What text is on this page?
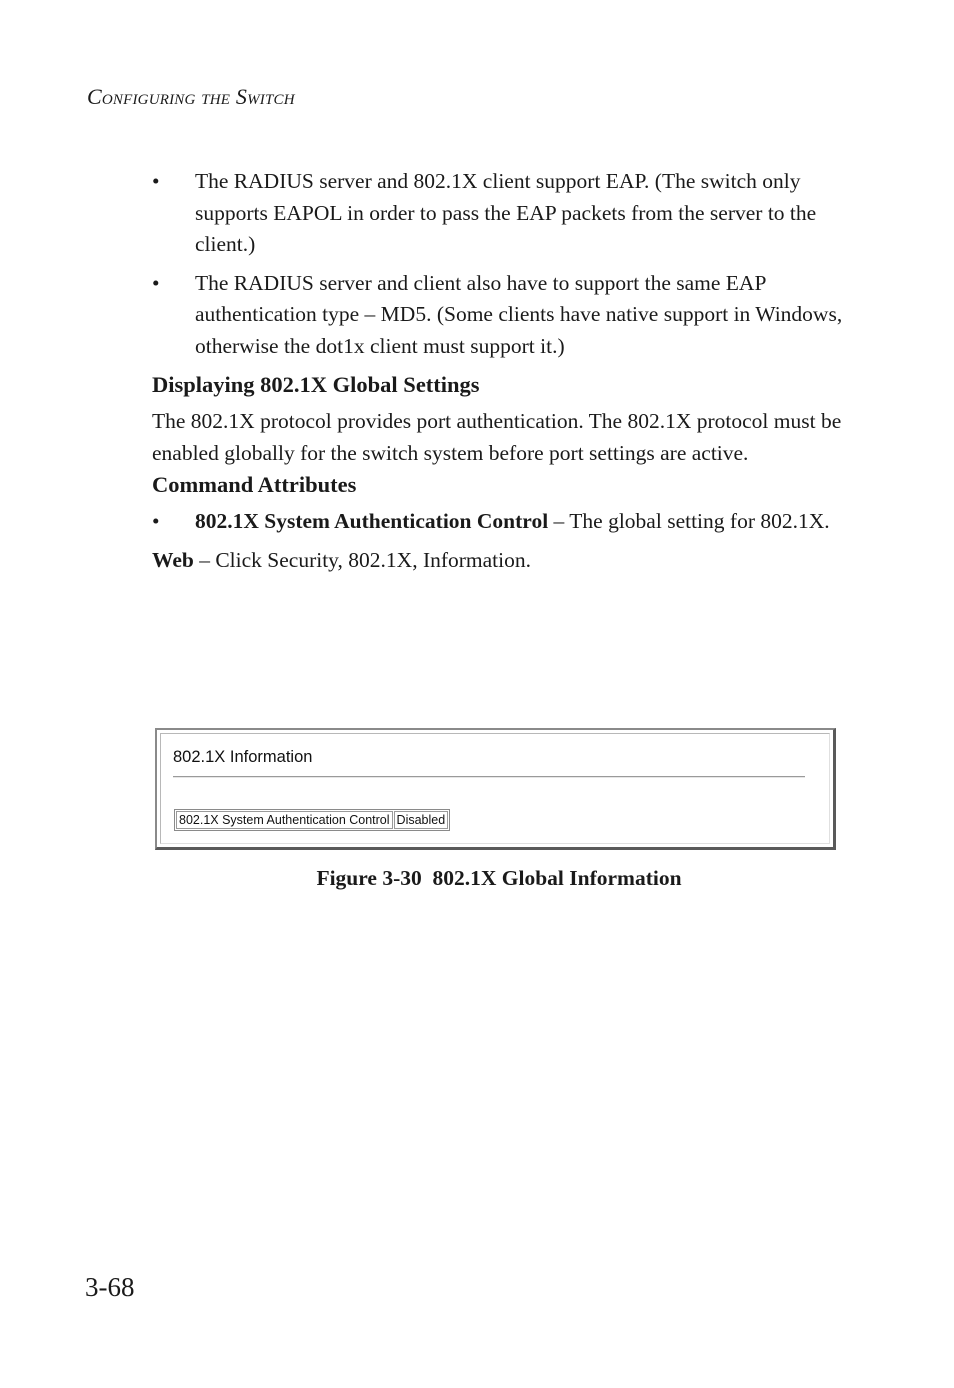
Configuring the Switch
•	The RADIUS server and 802.1X client support EAP. (The switch only supports EAPOL in order to pass the EAP packets from the server to the client.)
•	The RADIUS server and client also have to support the same EAP authentication type – MD5. (Some clients have native support in Windows, otherwise the dot1x client must support it.)
Displaying 802.1X Global Settings

The 802.1X protocol provides port authentication. The 802.1X protocol must be enabled globally for the switch system before port settings are active.

Command Attributes
•	802.1X System Authentication Control – The global setting for 802.1X.

Web – Click Security, 802.1X, Information.

802.1X Information
802.1X System Authentication Control	Disabled
Figure 3-30  802.1X Global Information
3-68
